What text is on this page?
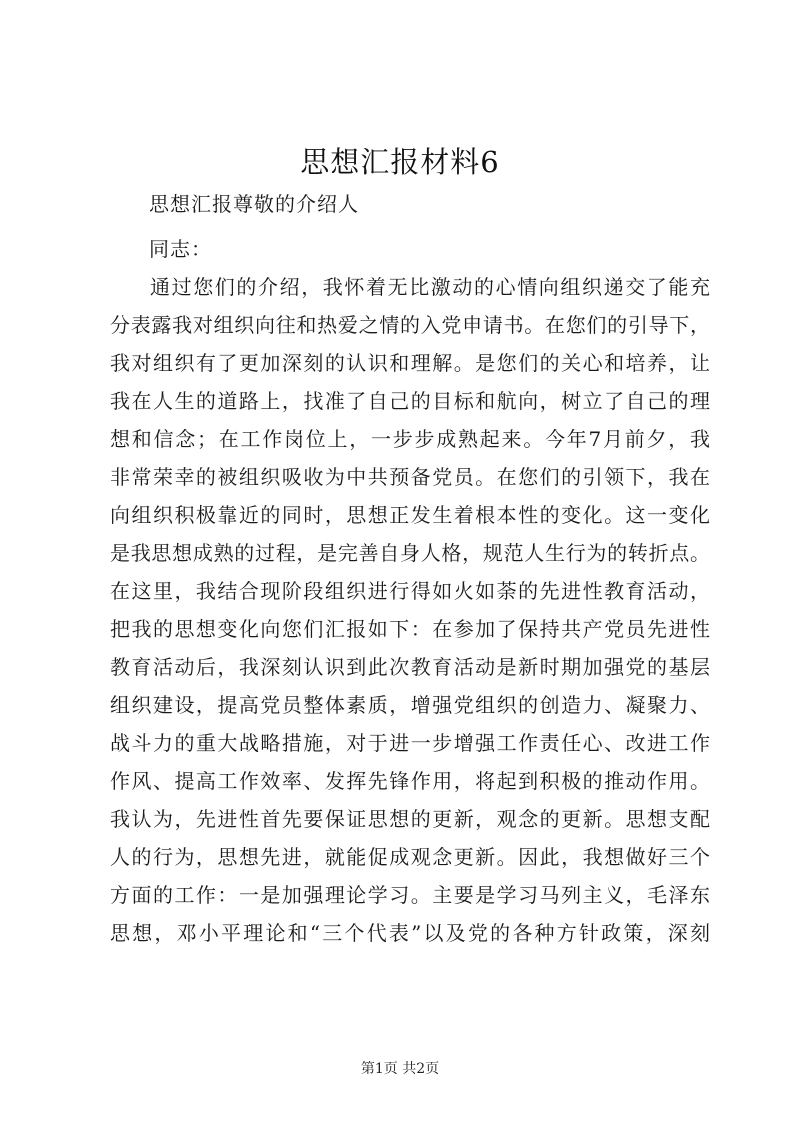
思想汇报材料6

思想汇报尊敬的介绍人

同志：

通过您们的介绍，我怀着无比激动的心情向组织递交了能充
分表露我对组织向往和热爱之情的入党申请书。在您们的引导下，
我对组织有了更加深刻的认识和理解。是您们的关心和培养，让
我在人生的道路上，找准了自己的目标和航向，树立了自己的理
想和信念；在工作岗位上，一步步成熟起来。今年7月前夕，我
非常荣幸的被组织吸收为中共预备党员。在您们的引领下，我在
向组织积极靠近的同时，思想正发生着根本性的变化。这一变化
是我思想成熟的过程，是完善自身人格，规范人生行为的转折点。
在这里，我结合现阶段组织进行得如火如荼的先进性教育活动，
把我的思想变化向您们汇报如下：在参加了保持共产党员先进性
教育活动后，我深刻认识到此次教育活动是新时期加强党的基层
组织建设，提高党员整体素质，增强党组织的创造力、凝聚力、
战斗力的重大战略措施，对于进一步增强工作责任心、改进工作
作风、提高工作效率、发挥先锋作用，将起到积极的推动作用。
我认为，先进性首先要保证思想的更新，观念的更新。思想支配
人的行为，思想先进，就能促成观念更新。因此，我想做好三个
方面的工作：一是加强理论学习。主要是学习马列主义，毛泽东
思想，邓小平理论和“三个代表”以及党的各种方针政策，深刻
第1页 共2页
